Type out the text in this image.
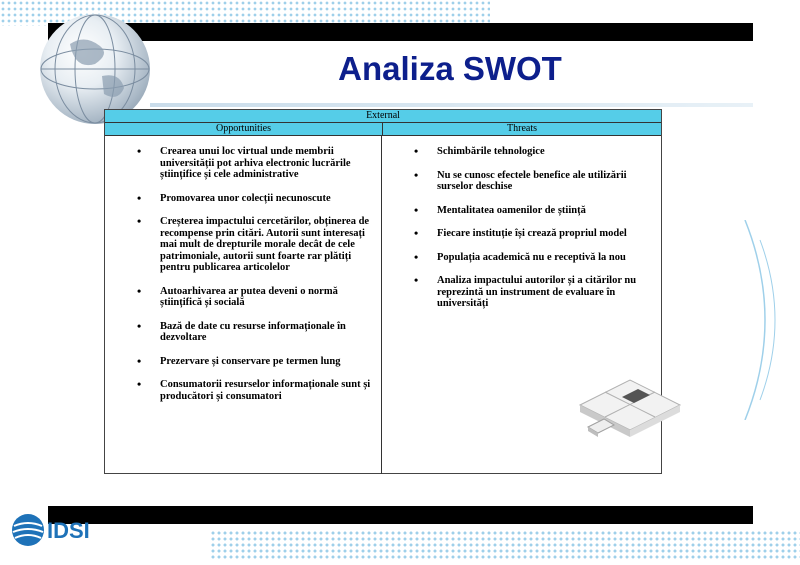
Analiza SWOT
External
Opportunities	Threats
• Crearea unui loc virtual unde membrii universității pot arhiva electronic lucrările științifice și cele administrative
• Promovarea unor colecții necunoscute
• Creșterea impactului cercetărilor, obținerea de recompense prin citări. Autorii sunt interesați mai mult de drepturile morale decât de cele patrimoniale, autorii sunt foarte rar plătiți pentru publicarea articolelor
• Autoarhivarea ar putea deveni o normă științifică și socială
• Bază de date cu resurse informaționale în dezvoltare
• Prezervare și conservare pe termen lung
• Consumatorii resurselor informaționale sunt și producători și consumatori
• Schimbările tehnologice
• Nu se cunosc efectele benefice ale utilizării surselor deschise
• Mentalitatea oamenilor de știință
• Fiecare instituție își crează propriul model
• Populația academică nu e receptivă la nou
• Analiza impactului autorilor și a citărilor nu reprezintă un instrument de evaluare în universități
IDSI
